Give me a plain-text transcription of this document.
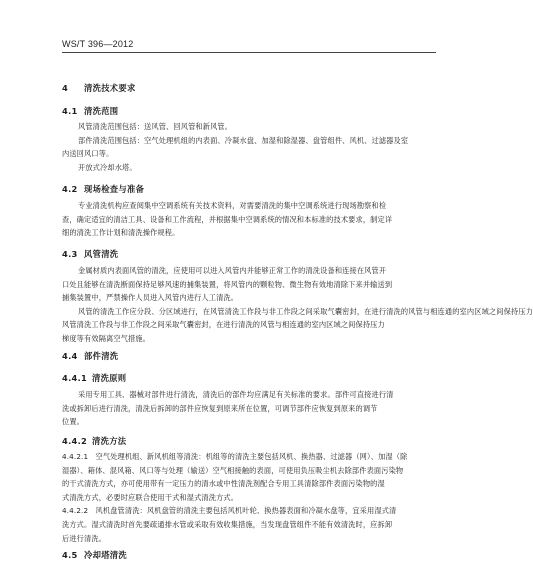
WS/T 396—2012
4 清洗技术要求
4.1 清洗范围
风管清洗范围包括：送风管、回风管和新风管。
部件清洗范围包括：空气处理机组的内表面、冷凝水盘、加湿和除湿器、盘管组件、风机、过滤器及室
内送回风口等。
开放式冷却水塔。
4.2 现场检查与准备
专业清洗机构应查阅集中空调系统有关技术资料，对需要清洗的集中空调系统进行现场勘察和检
查，确定适宜的清洁工具、设备和工作流程，并根据集中空调系统的情况和本标准的技术要求，制定详
细的清洗工作计划和清洗操作规程。
4.3 风管清洗
金属材质内表面风管的清洗，应使用可以进入风管内并能够正常工作的清洗设备和连接在风管开
口处且能够在清洗断面保持足够风速的捕集装置，将风管内的颗粒物、微生物有效地清除下来并输送到
捕集装置中，严禁操作人员进入风管内进行人工清洗。
风管的清洗工作应分段、分区域进行，在风管清洗工作段与非工作段之间采取气囊密封，在进行清洗的风管与相连通的室内区域之间保持压力
风管清洗工作段与非工作段之间采取气囊密封，在进行清洗的风管与相连通的室内区域之间保持压力
梯度等有效隔离空气措施。
4.4 部件清洗
4.4.1 清洗原则
采用专用工具、器械对部件进行清洗，清洗后的部件均应满足有关标准的要求。部件可直接进行清
洗或拆卸后进行清洗，清洗后拆卸的部件应恢复到原来所在位置，可调节部件应恢复到原来的调节
位置。
4.4.2 清洗方法
4.4.2.1　空气处理机组、新风机组等清洗：机组等的清洗主要包括风机、换热器、过滤器（网）、加湿（除
湿器）、箱体、混风箱、风口等与处理（输送）空气相接触的表面，可使用负压吸尘机去除部件表面污染物
的干式清洗方式，亦可使用带有一定压力的清水或中性清洗剂配合专用工具清除部件表面污染物的湿
式清洗方式，必要时应联合使用干式和湿式清洗方式。
4.4.2.2　风机盘管清洗：风机盘管的清洗主要包括风机叶轮、换热器表面和冷凝水盘等，宜采用湿式清
洗方式。湿式清洗时首先要疏通排水管或采取有效收集措施，当发现盘管组件不能有效清洗时，应拆卸
后进行清洗。
4.5 冷却塔清洗
